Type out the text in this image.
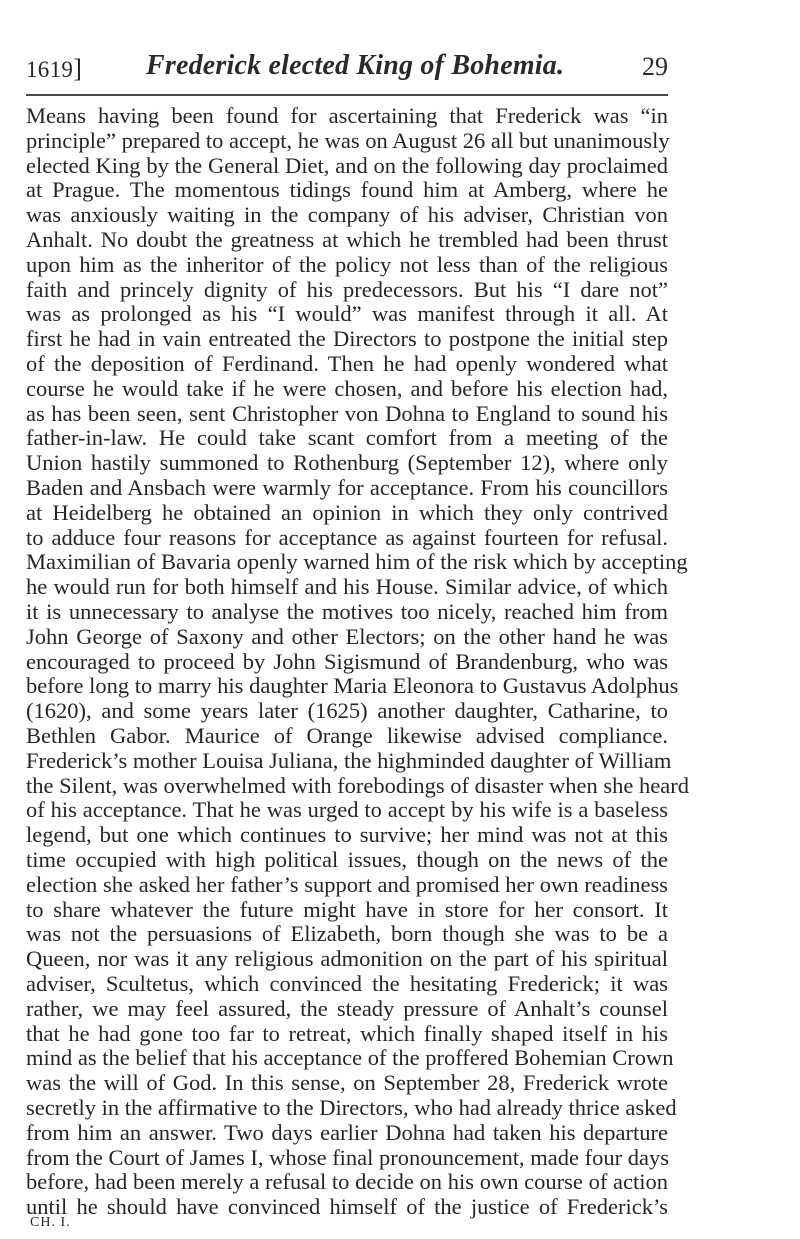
1619] Frederick elected King of Bohemia.	29
Means having been found for ascertaining that Frederick was “in
principle” prepared to accept, he was on August 26 all but unanimously
elected King by the General Diet, and on the following day proclaimed
at Prague. The momentous tidings found him at Amberg, where he
was anxiously waiting in the company of his adviser, Christian von
Anhalt. No doubt the greatness at which he trembled had been thrust
upon him as the inheritor of the policy not less than of the religious
faith and princely dignity of his predecessors. But his “I dare not”
was as prolonged as his “I would” was manifest through it all. At
first he had in vain entreated the Directors to postpone the initial step
of the deposition of Ferdinand. Then he had openly wondered what
course he would take if he were chosen, and before his election had,
as has been seen, sent Christopher von Dohna to England to sound his
father-in-law. He could take scant comfort from a meeting of the
Union hastily summoned to Rothenburg (September 12), where only
Baden and Ansbach were warmly for acceptance. From his councillors
at Heidelberg he obtained an opinion in which they only contrived
to adduce four reasons for acceptance as against fourteen for refusal.
Maximilian of Bavaria openly warned him of the risk which by accepting
he would run for both himself and his House. Similar advice, of which
it is unnecessary to analyse the motives too nicely, reached him from
John George of Saxony and other Electors; on the other hand he was
encouraged to proceed by John Sigismund of Brandenburg, who was
before long to marry his daughter Maria Eleonora to Gustavus Adolphus
(1620), and some years later (1625) another daughter, Catharine, to
Bethlen Gabor. Maurice of Orange likewise advised compliance.
Frederick’s mother Louisa Juliana, the highminded daughter of William
the Silent, was overwhelmed with forebodings of disaster when she heard
of his acceptance. That he was urged to accept by his wife is a baseless
legend, but one which continues to survive; her mind was not at this
time occupied with high political issues, though on the news of the
election she asked her father’s support and promised her own readiness
to share whatever the future might have in store for her consort. It
was not the persuasions of Elizabeth, born though she was to be a
Queen, nor was it any religious admonition on the part of his spiritual
adviser, Scultetus, which convinced the hesitating Frederick; it was
rather, we may feel assured, the steady pressure of Anhalt’s counsel
that he had gone too far to retreat, which finally shaped itself in his
mind as the belief that his acceptance of the proffered Bohemian Crown
was the will of God. In this sense, on September 28, Frederick wrote
secretly in the affirmative to the Directors, who had already thrice asked
from him an answer. Two days earlier Dohna had taken his departure
from the Court of James I, whose final pronouncement, made four days
before, had been merely a refusal to decide on his own course of action
until he should have convinced himself of the justice of Frederick’s
CH. I.
